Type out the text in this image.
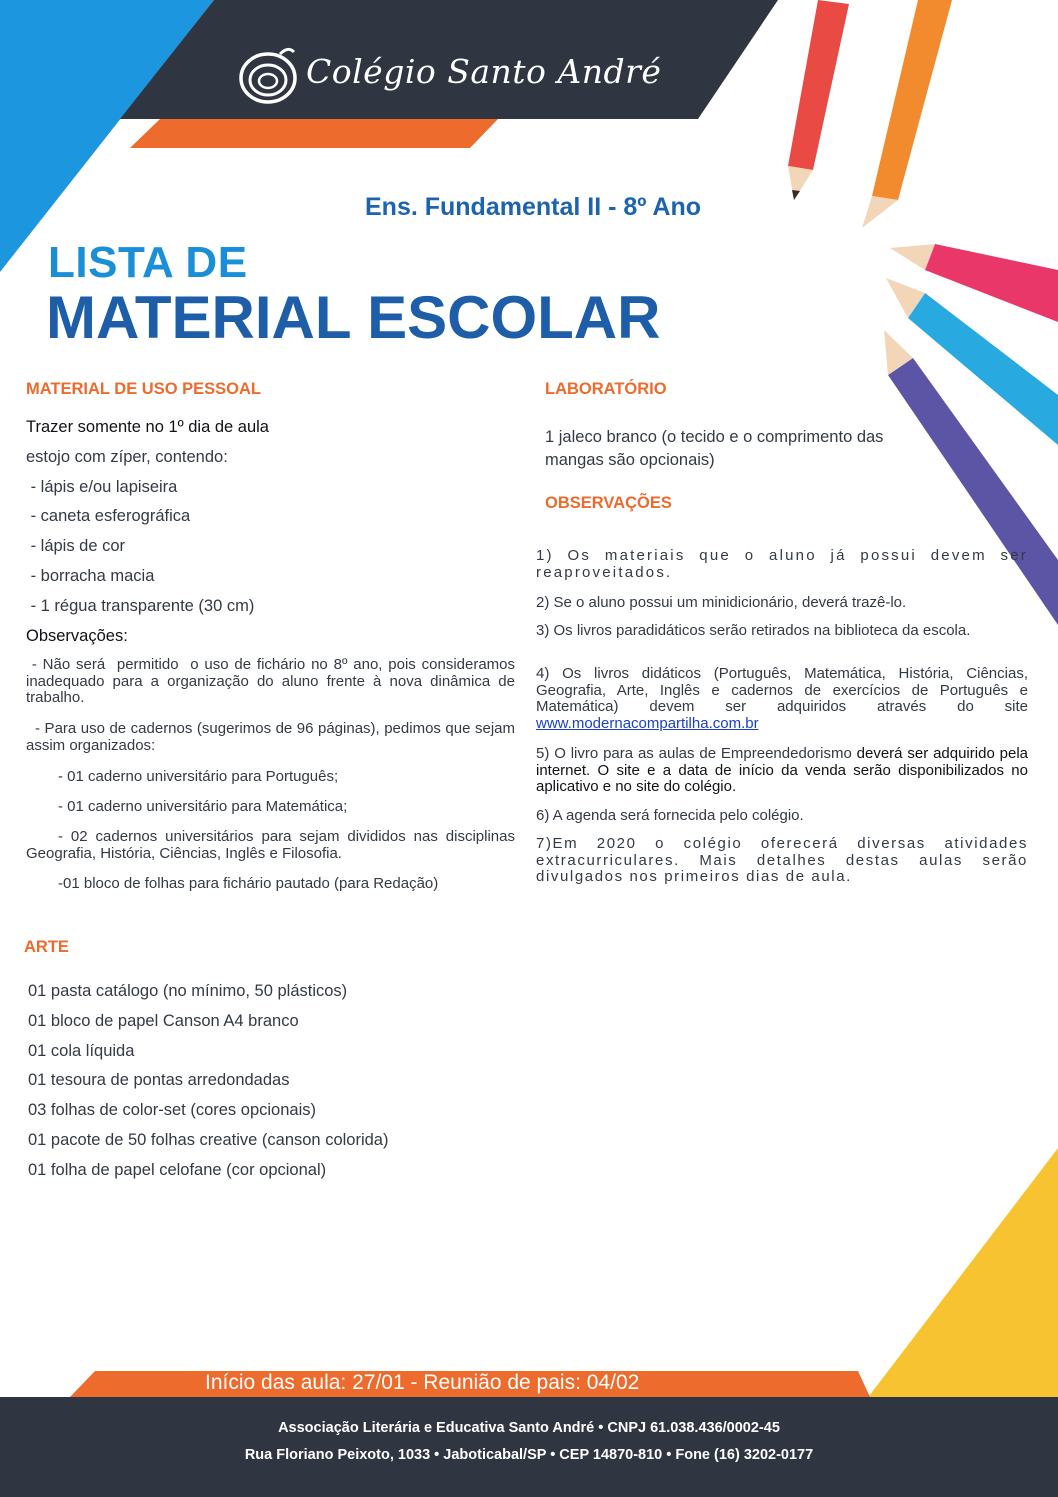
Colégio Santo André
Ens. Fundamental II - 8º Ano
LISTA DE
MATERIAL ESCOLAR
MATERIAL DE USO PESSOAL
Trazer somente no 1º dia de aula
estojo com zíper, contendo:
- lápis e/ou lapiseira
- caneta esferográfica
- lápis de cor
- borracha macia
- 1 régua transparente (30 cm)
Observações:
- Não será  permitido  o uso de fichário no 8º ano, pois consideramos  inadequado para a organização do aluno frente à nova dinâmica de trabalho.
- Para uso de cadernos (sugerimos de 96 páginas), pedimos que sejam assim organizados:
- 01 caderno universitário para Português;
- 01 caderno universitário para Matemática;
- 02 cadernos universitários para sejam divididos nas disciplinas Geografia, História, Ciências, Inglês e Filosofia.
-01 bloco de folhas para fichário pautado (para Redação)
ARTE
01 pasta catálogo (no mínimo, 50 plásticos)
01 bloco de papel Canson A4 branco
01 cola líquida
01 tesoura de pontas arredondadas
03 folhas de color-set (cores opcionais)
01 pacote de 50 folhas creative (canson colorida)
01 folha de papel celofane (cor opcional)
LABORATÓRIO
1 jaleco branco (o tecido e o comprimento das
mangas são opcionais)
OBSERVAÇÕES
1) Os materiais que o aluno já possui devem ser reaproveitados.
2) Se o aluno possui um minidicionário, deverá trazê-lo.
3) Os livros paradidáticos serão retirados na biblioteca da escola.
4) Os livros didáticos (Português, Matemática, História, Ciências, Geografia, Arte, Inglês e cadernos de exercícios de Português e Matemática) devem ser adquiridos através do site www.modernacompartilha.com.br
5) O livro para as aulas de Empreendedorismo deverá ser adquirido pela internet. O site e a data de início da venda serão disponibilizados no aplicativo e no site do colégio.
6) A agenda será fornecida pelo colégio.
7)Em 2020 o colégio oferecerá diversas atividades extracurriculares. Mais detalhes destas aulas serão divulgados nos primeiros dias de aula.
Início das aula: 27/01 - Reunião de pais: 04/02
Associação Literária e Educativa Santo André • CNPJ 61.038.436/0002-45
Rua Floriano Peixoto, 1033 • Jaboticabal/SP • CEP 14870-810 • Fone (16) 3202-0177
